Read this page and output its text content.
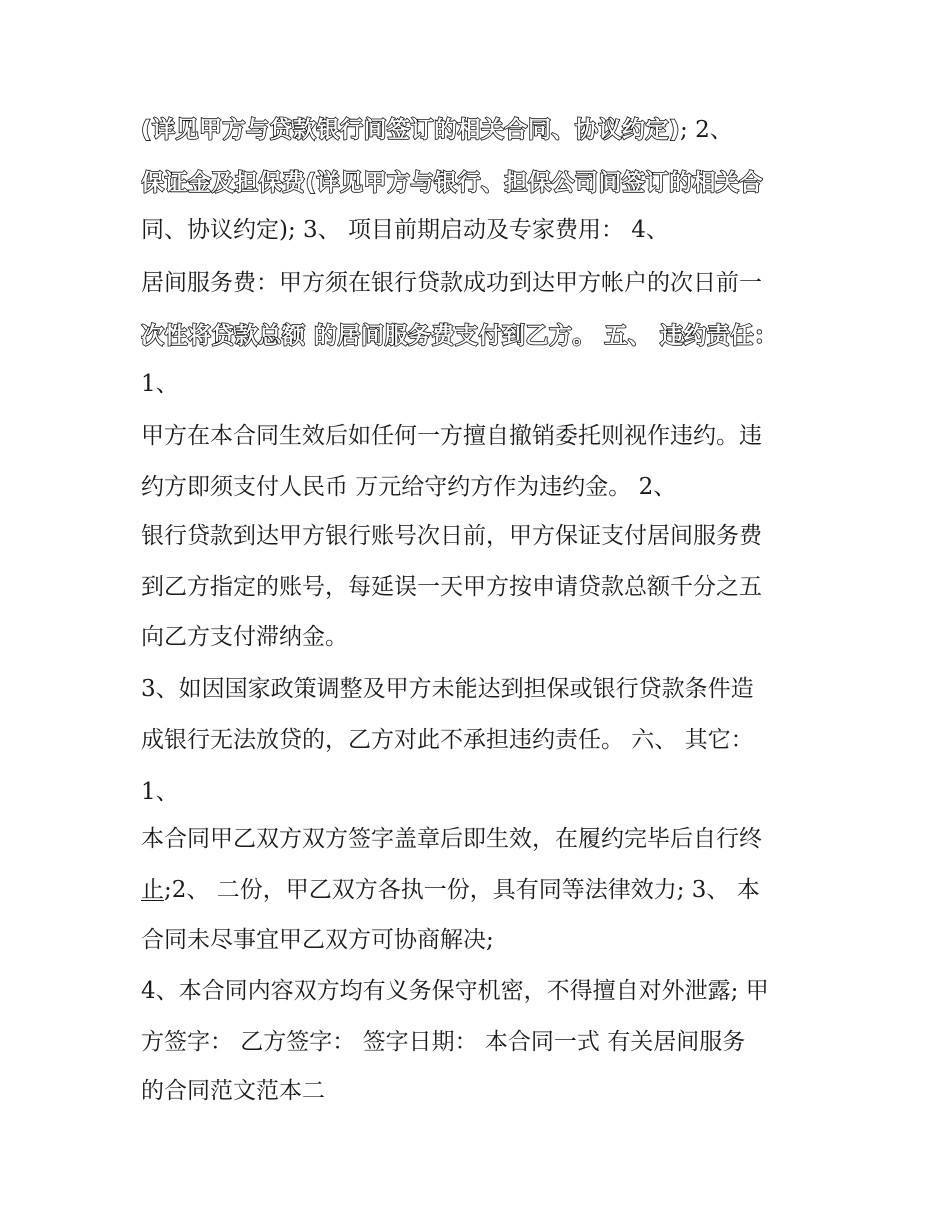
(详见甲方与贷款银行间签订的相关合同、协议约定); 2、
保证金及担保费(详见甲方与银行、担保公司间签订的相关合
同、协议约定); 3、 项目前期启动及专家费用： 4、
居间服务费：甲方须在银行贷款成功到达甲方帐户的次日前一
次性将贷款总额 的居间服务费支付到乙方。 五、 违约责任：
1、
甲方在本合同生效后如任何一方擅自撤销委托则视作违约。违
约方即须支付人民币 万元给守约方作为违约金。 2、
银行贷款到达甲方银行账号次日前，甲方保证支付居间服务费
到乙方指定的账号，每延误一天甲方按申请贷款总额千分之五
向乙方支付滞纳金。
3、如因国家政策调整及甲方未能达到担保或银行贷款条件造
成银行无法放贷的，乙方对此不承担违约责任。 六、 其它：
1、
本合同甲乙双方双方签字盖章后即生效，在履约完毕后自行终
止;2、 二份，甲乙双方各执一份，具有同等法律效力; 3、 本
合同未尽事宜甲乙双方可协商解决;
4、本合同内容双方均有义务保守机密，不得擅自对外泄露; 甲
方签字： 乙方签字： 签字日期： 本合同一式 有关居间服务
的合同范文范本二
